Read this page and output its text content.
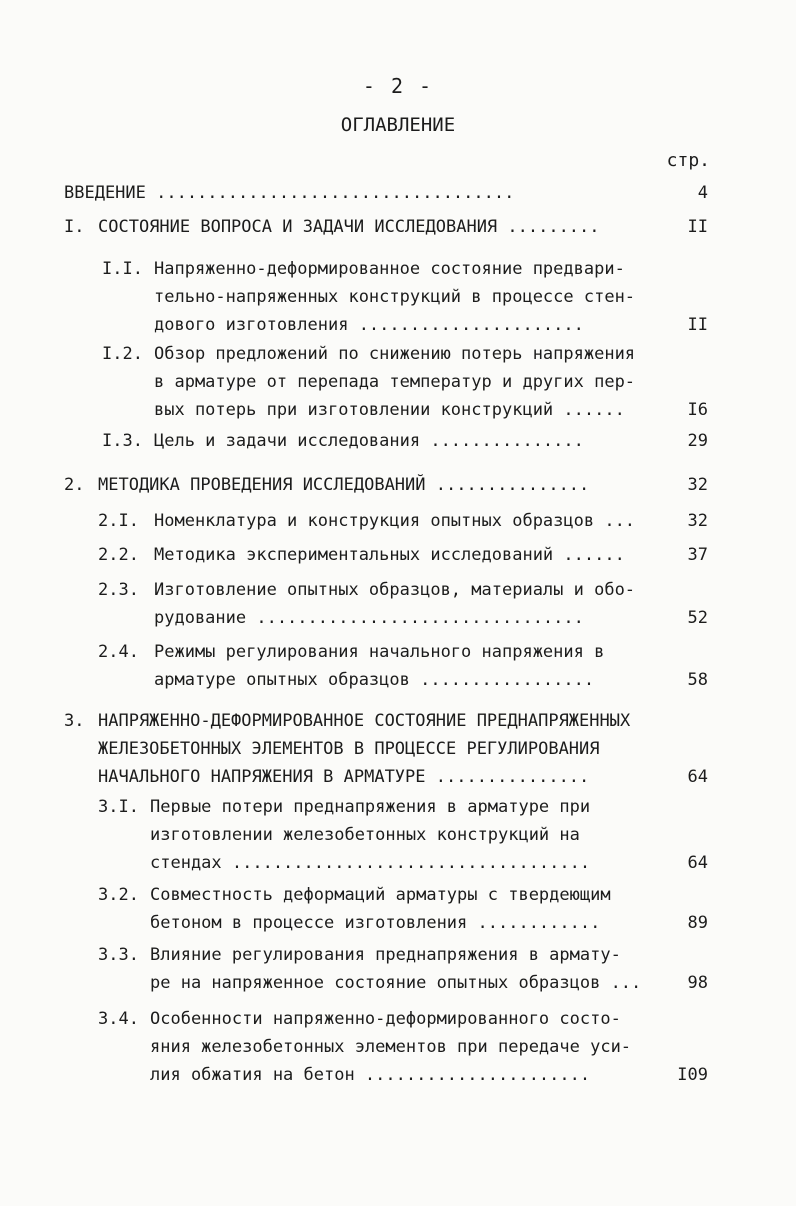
- 2 -
ОГЛАВЛЕНИЕ
стр.
ВВЕДЕНИЕ ...................................	4
I. СОСТОЯНИЕ ВОПРОСА И ЗАДАЧИ ИССЛЕДОВАНИЯ .........	II
I.I. Напряженно-деформированное состояние предвари-
тельно-напряженных конструкций в процессе стен-
дового изготовления ......................	II
I.2. Обзор предложений по снижению потерь напряжения
в арматуре от перепада температур и других пер-
вых потерь при изготовлении конструкций ......	I6
I.3. Цель и задачи исследования ...............	29
2. МЕТОДИКА ПРОВЕДЕНИЯ ИССЛЕДОВАНИЙ ...............	32
2.I. Номенклатура и конструкция опытных образцов ...	32
2.2. Методика экспериментальных исследований ......	37
2.3. Изготовление опытных образцов, материалы и обо-
рудование ................................	52
2.4. Режимы регулирования начального напряжения в
арматуре опытных образцов .................	58
3. НАПРЯЖЕННО-ДЕФОРМИРОВАННОЕ СОСТОЯНИЕ ПРЕДНАПРЯЖЕННЫХ
ЖЕЛЕЗОБЕТОННЫХ ЭЛЕМЕНТОВ В ПРОЦЕССЕ РЕГУЛИРОВАНИЯ
НАЧАЛЬНОГО НАПРЯЖЕНИЯ В АРМАТУРЕ ...............	64
3.I. Первые потери преднапряжения в арматуре при
изготовлении железобетонных конструкций на
стендах ...................................	64
3.2. Совместность деформаций арматуры с твердеющим
бетоном в процессе изготовления ............	89
3.3. Влияние регулирования преднапряжения в армату-
ре на напряженное состояние опытных образцов ...	98
3.4. Особенности напряженно-деформированного состо-
яния железобетонных элементов при передаче уси-
лия обжатия на бетон ......................	I09
